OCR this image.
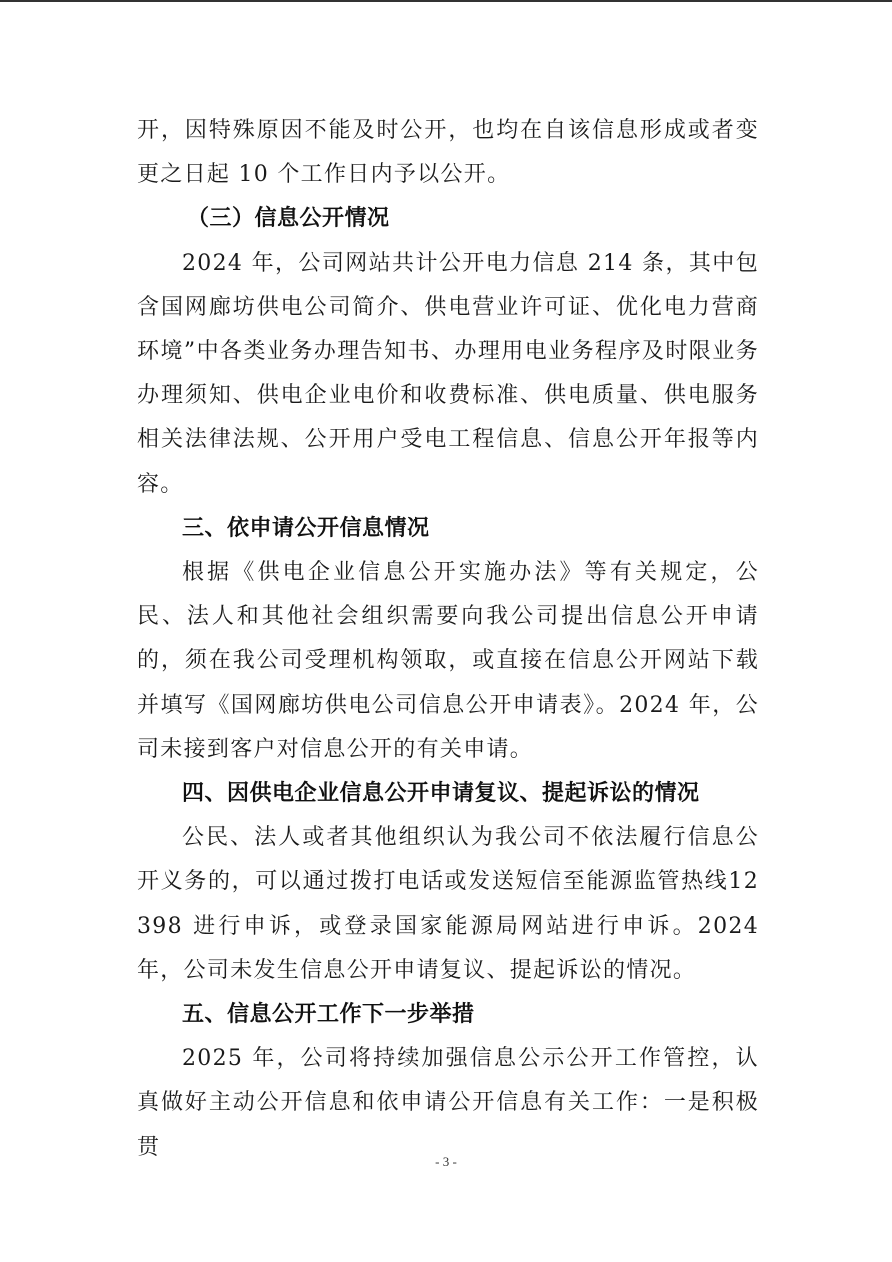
开，因特殊原因不能及时公开，也均在自该信息形成或者变更之日起 10 个工作日内予以公开。

（三）信息公开情况

2024 年，公司网站共计公开电力信息 214 条，其中包含国网廊坊供电公司简介、供电营业许可证、优化电力营商环境”中各类业务办理告知书、办理用电业务程序及时限业务办理须知、供电企业电价和收费标准、供电质量、供电服务相关法律法规、公开用户受电工程信息、信息公开年报等内容。

三、依申请公开信息情况

根据《供电企业信息公开实施办法》等有关规定，公民、法人和其他社会组织需要向我公司提出信息公开申请的，须在我公司受理机构领取，或直接在信息公开网站下载并填写《国网廊坊供电公司信息公开申请表》。2024 年，公司未接到客户对信息公开的有关申请。

四、因供电企业信息公开申请复议、提起诉讼的情况

公民、法人或者其他组织认为我公司不依法履行信息公开义务的，可以通过拨打电话或发送短信至能源监管热线12398 进行申诉，或登录国家能源局网站进行申诉。2024 年，公司未发生信息公开申请复议、提起诉讼的情况。

五、信息公开工作下一步举措

2025 年，公司将持续加强信息公示公开工作管控，认真做好主动公开信息和依申请公开信息有关工作：一是积极贯

- 3 -
